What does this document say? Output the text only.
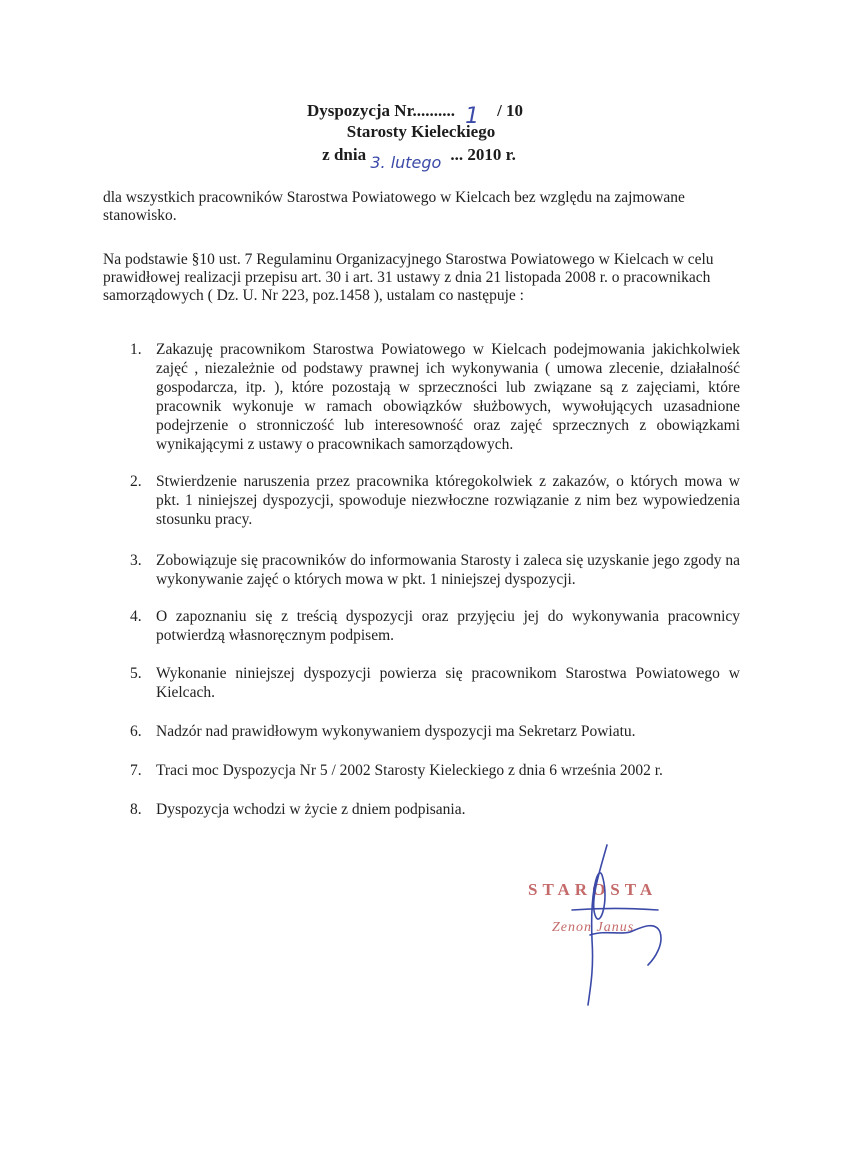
Dyspozycja Nr.......... 1 / 10
Starosty Kieleckiego
z dnia 3. lutego ... 2010 r.
dla wszystkich pracowników Starostwa Powiatowego w Kielcach bez względu na zajmowane stanowisko.
Na podstawie §10 ust. 7 Regulaminu Organizacyjnego Starostwa Powiatowego w Kielcach w celu prawidłowej realizacji przepisu art. 30 i art. 31 ustawy z dnia 21 listopada 2008 r. o pracownikach samorządowych ( Dz. U. Nr 223, poz.1458 ), ustalam co następuje :
1. Zakazuję pracownikom Starostwa Powiatowego w Kielcach podejmowania jakichkolwiek zajęć , niezależnie od podstawy prawnej ich wykonywania ( umowa zlecenie, działalność gospodarcza, itp. ), które pozostają w sprzeczności lub związane są z zajęciami, które pracownik wykonuje w ramach obowiązków służbowych, wywołujących uzasadnione podejrzenie o stronniczość lub interesowność oraz zajęć sprzecznych z obowiązkami wynikającymi z ustawy o pracownikach samorządowych.
2. Stwierdzenie naruszenia przez pracownika któregokolwiek z zakazów, o których mowa w pkt. 1 niniejszej dyspozycji, spowoduje niezwłoczne rozwiązanie z nim bez wypowiedzenia stosunku pracy.
3. Zobowiązuje się pracowników do informowania Starosty i zaleca się uzyskanie jego zgody na wykonywanie zajęć o których mowa w pkt. 1 niniejszej dyspozycji.
4. O zapoznaniu się z treścią dyspozycji oraz przyjęciu jej do wykonywania pracownicy potwierdzą własnoręcznym podpisem.
5. Wykonanie niniejszej dyspozycji powierza się pracownikom Starostwa Powiatowego w Kielcach.
6. Nadzór nad prawidłowym wykonywaniem dyspozycji ma Sekretarz Powiatu.
7. Traci moc Dyspozycja Nr 5 / 2002 Starosty Kieleckiego z dnia 6 września 2002 r.
8. Dyspozycja wchodzi w życie z dniem podpisania.
STAROSTA
Zenon Janus
